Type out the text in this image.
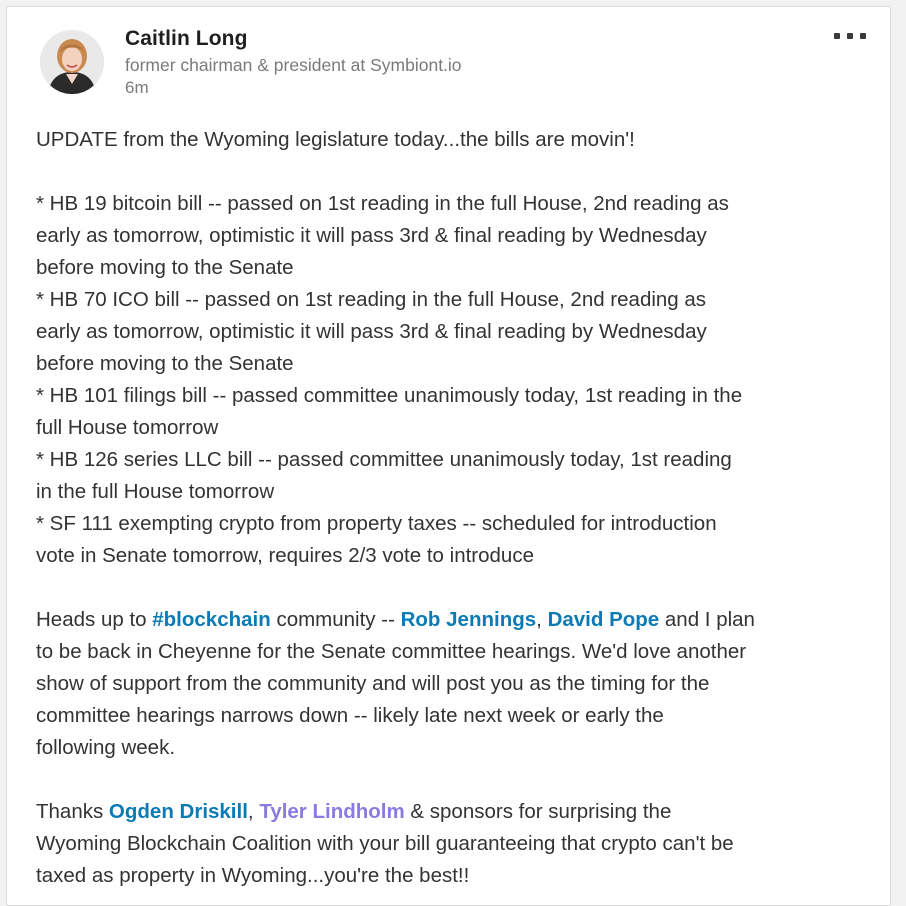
Caitlin Long
former chairman & president at Symbiont.io
6m
UPDATE from the Wyoming legislature today...the bills are movin'!
* HB 19 bitcoin bill -- passed on 1st reading in the full House, 2nd reading as
early as tomorrow, optimistic it will pass 3rd & final reading by Wednesday
before moving to the Senate
* HB 70 ICO bill -- passed on 1st reading in the full House, 2nd reading as
early as tomorrow, optimistic it will pass 3rd & final reading by Wednesday
before moving to the Senate
* HB 101 filings bill -- passed committee unanimously today, 1st reading in the
full House tomorrow
* HB 126 series LLC bill -- passed committee unanimously today, 1st reading
in the full House tomorrow
* SF 111 exempting crypto from property taxes -- scheduled for introduction
vote in Senate tomorrow, requires 2/3 vote to introduce
Heads up to #blockchain community -- Rob Jennings, David Pope and I plan
to be back in Cheyenne for the Senate committee hearings. We'd love another
show of support from the community and will post you as the timing for the
committee hearings narrows down -- likely late next week or early the
following week.
Thanks Ogden Driskill, Tyler Lindholm & sponsors for surprising the
Wyoming Blockchain Coalition with your bill guaranteeing that crypto can't be
taxed as property in Wyoming...you're the best!!
